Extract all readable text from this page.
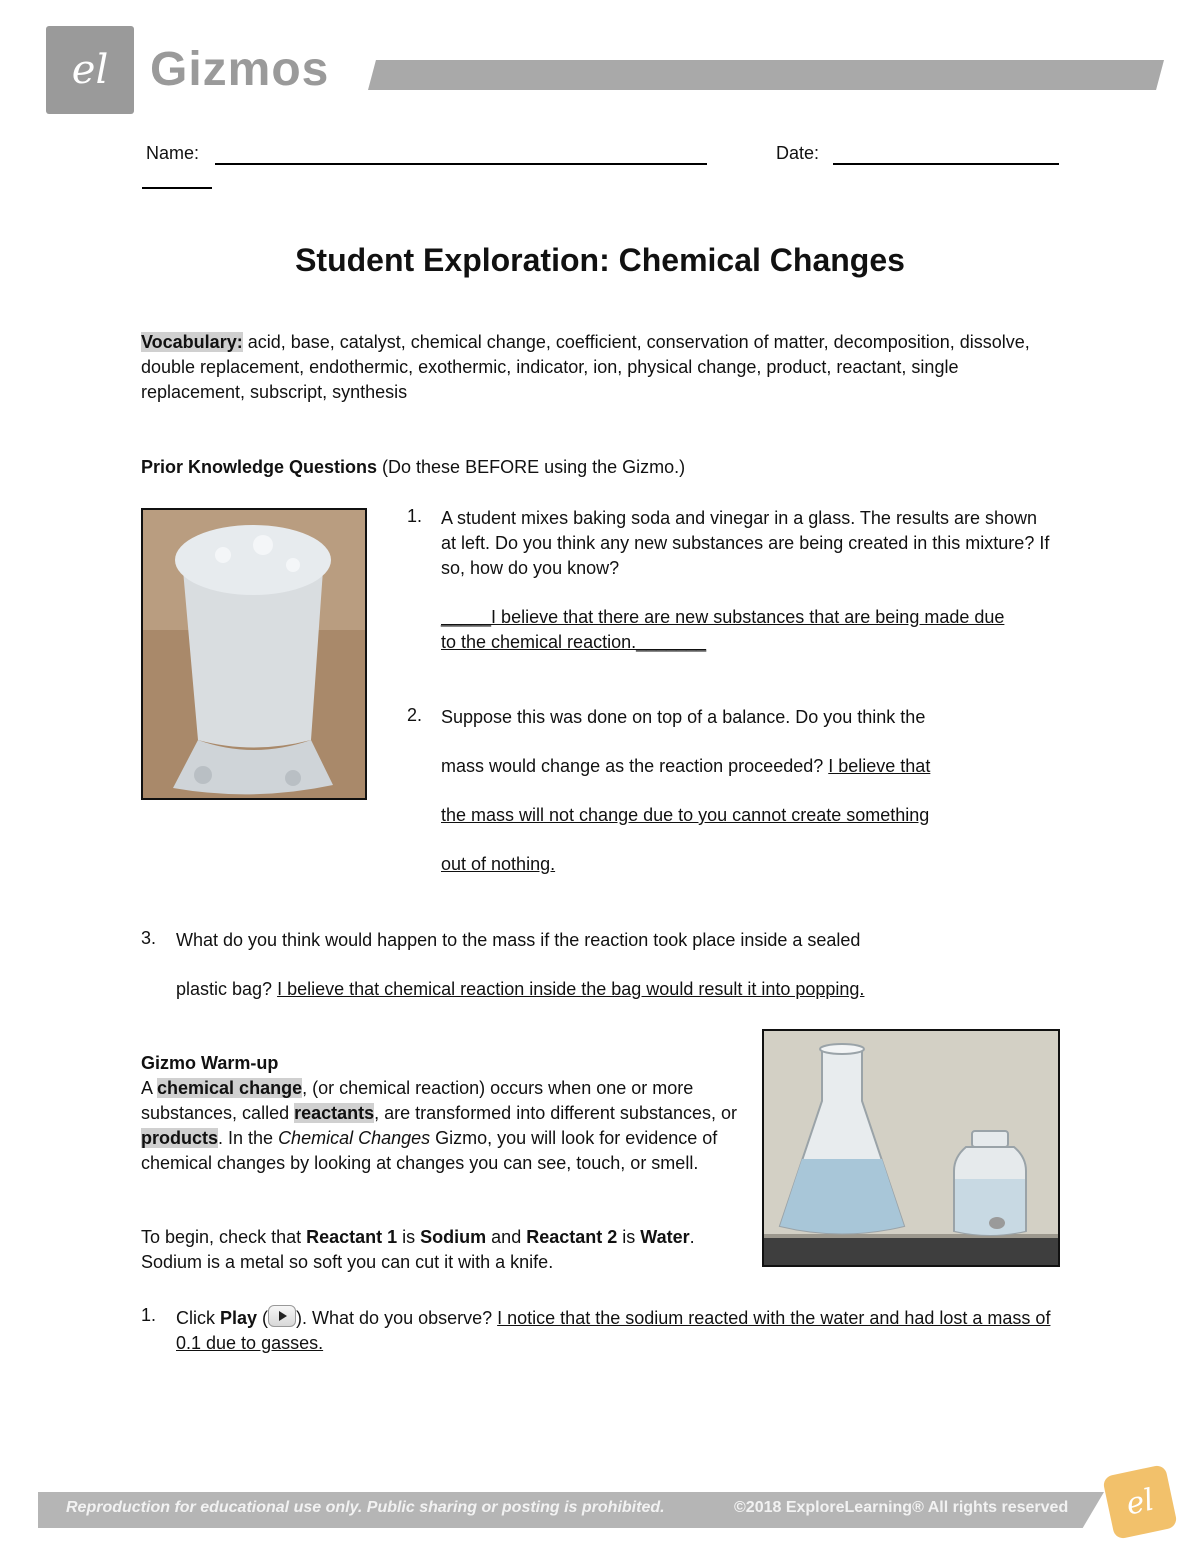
el Gizmos
Name:	Date:
Student Exploration: Chemical Changes
Vocabulary: acid, base, catalyst, chemical change, coefficient, conservation of matter, decomposition, dissolve, double replacement, endothermic, exothermic, indicator, ion, physical change, product, reactant, single replacement, subscript, synthesis
Prior Knowledge Questions (Do these BEFORE using the Gizmo.)
1. A student mixes baking soda and vinegar in a glass. The results are shown at left. Do you think any new substances are being created in this mixture? If so, how do you know?
_____I believe that there are new substances that are being made due to the chemical reaction._______
2. Suppose this was done on top of a balance. Do you think the
mass would change as the reaction proceeded? I believe that
the mass will not change due to you cannot create something
out of nothing.
3. What do you think would happen to the mass if the reaction took place inside a sealed
plastic bag? I believe that chemical reaction inside the bag would result it into popping.
Gizmo Warm-up
A chemical change, (or chemical reaction) occurs when one or more substances, called reactants, are transformed into different substances, or products. In the Chemical Changes Gizmo, you will look for evidence of chemical changes by looking at changes you can see, touch, or smell.
To begin, check that Reactant 1 is Sodium and Reactant 2 is Water. Sodium is a metal so soft you can cut it with a knife.
1. Click Play ( ). What do you observe? I notice that the sodium reacted with the water and had lost a mass of 0.1 due to gasses.
Reproduction for educational use only. Public sharing or posting is prohibited.	©2018 ExploreLearning® All rights reserved el
